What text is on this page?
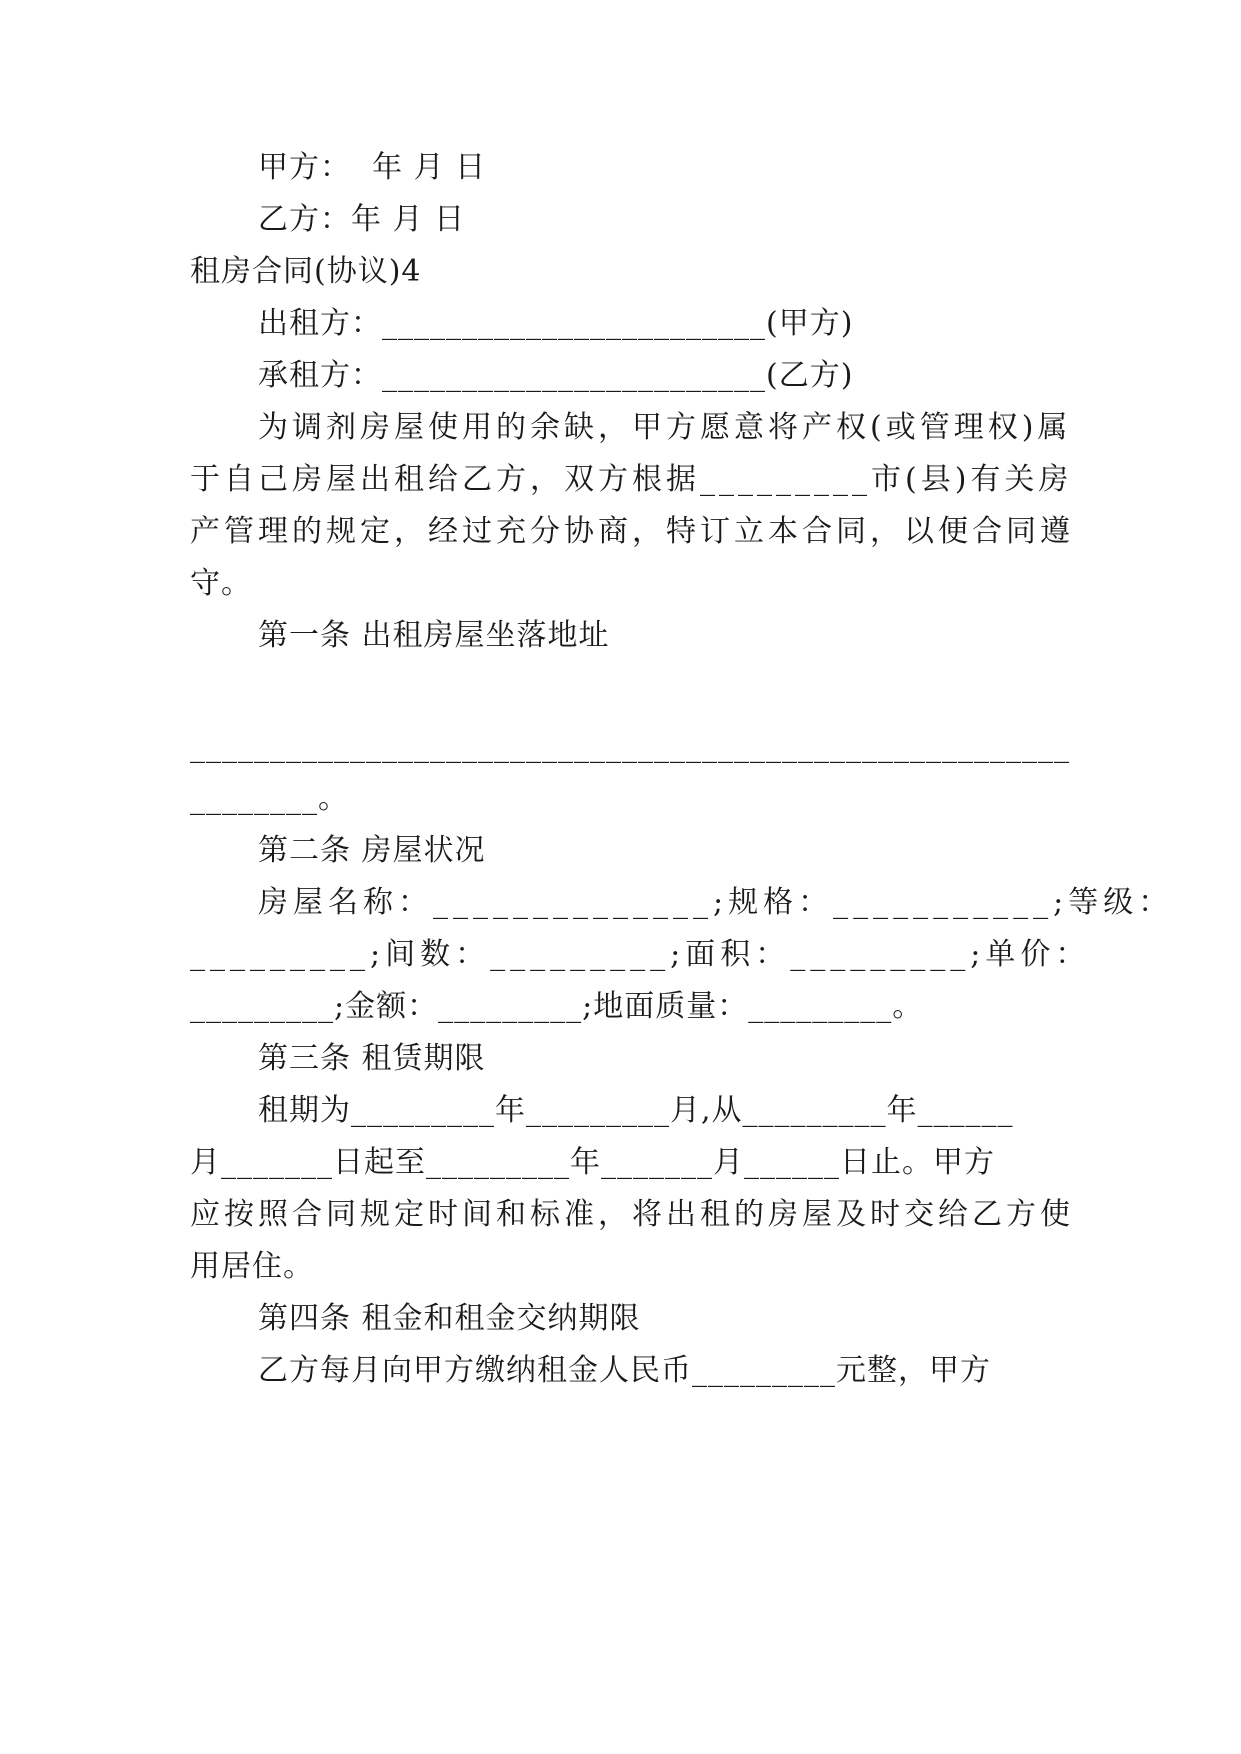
甲方：  年 月 日
乙方：年 月 日
租房合同(协议)4
出租方：________________________(甲方)
承租方：________________________(乙方)
为调剂房屋使用的余缺，甲方愿意将产权(或管理权)属
于自己房屋出租给乙方，双方根据_________市(县)有关房
产管理的规定，经过充分协商，特订立本合同，以便合同遵
守。
第一条 出租房屋坐落地址
_______________________________________________________
________。
第二条 房屋状况
房屋名称：______________;规格：___________;等级：
_________;间数：_________;面积：_________;单价：
_________;金额：_________;地面质量：_________。
第三条 租赁期限
租期为_________年_________月,从_________年______
月_______日起至_________年_______月______日止。甲方
应按照合同规定时间和标准，将出租的房屋及时交给乙方使
用居住。
第四条 租金和租金交纳期限
乙方每月向甲方缴纳租金人民币_________元整，甲方
